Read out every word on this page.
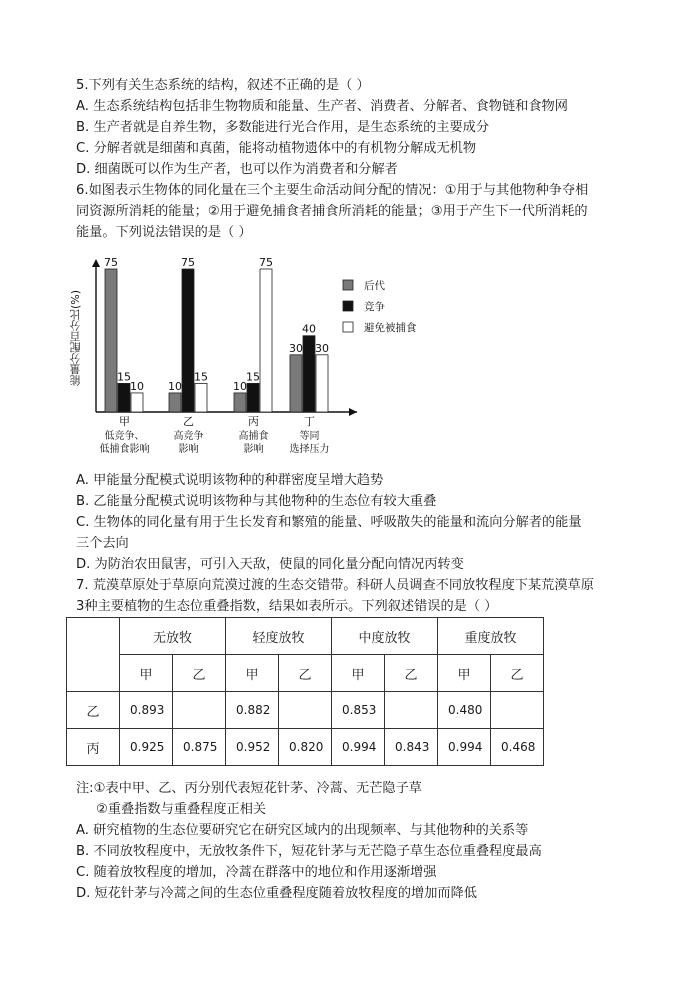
5.下列有关生态系统的结构，叙述不正确的是（ ）
A. 生态系统结构包括非生物物质和能量、生产者、消费者、分解者、食物链和食物网
B. 生产者就是自养生物，多数能进行光合作用，是生态系统的主要成分
C. 分解者就是细菌和真菌，能将动植物遗体中的有机物分解成无机物
D. 细菌既可以作为生产者，也可以作为消费者和分解者
6.如图表示生物体的同化量在三个主要生命活动间分配的情况：①用于与其他物种争夺相
同资源所消耗的能量；②用于避免捕食者捕食所消耗的能量；③用于产生下一代所消耗的
能量。下列说法错误的是（ ）
能量分配百分比(%)
75
15
10
甲
低竞争、
低捕食影响
10
75
15
乙
高竞争
影响
10
15
75
丙
高捕食
影响
30
40
30
丁
等同
选择压力
后代
竞争
避免被捕食
A. 甲能量分配模式说明该物种的种群密度呈增大趋势
B. 乙能量分配模式说明该物种与其他物种的生态位有较大重叠
C. 生物体的同化量有用于生长发育和繁殖的能量、呼吸散失的能量和流向分解者的能量
三个去向
D. 为防治农田鼠害，可引入天敌，使鼠的同化量分配向情况丙转变
7. 荒漠草原处于草原向荒漠过渡的生态交错带。科研人员调查不同放牧程度下某荒漠草原
3种主要植物的生态位重叠指数，结果如表所示。下列叙述错误的是（ ）
	无放牧		轻度放牧		中度放牧		重度放牧	
	甲	乙	甲	乙	甲	乙	甲	乙
乙	0.893		0.882		0.853		0.480	
丙	0.925	0.875	0.952	0.820	0.994	0.843	0.994	0.468
注:①表中甲、乙、丙分别代表短花针茅、冷蒿、无芒隐子草
②重叠指数与重叠程度正相关
A. 研究植物的生态位要研究它在研究区域内的出现频率、与其他物种的关系等
B. 不同放牧程度中，无放牧条件下，短花针茅与无芒隐子草生态位重叠程度最高
C. 随着放牧程度的增加，冷蒿在群落中的地位和作用逐渐增强
D. 短花针茅与冷蒿之间的生态位重叠程度随着放牧程度的增加而降低
